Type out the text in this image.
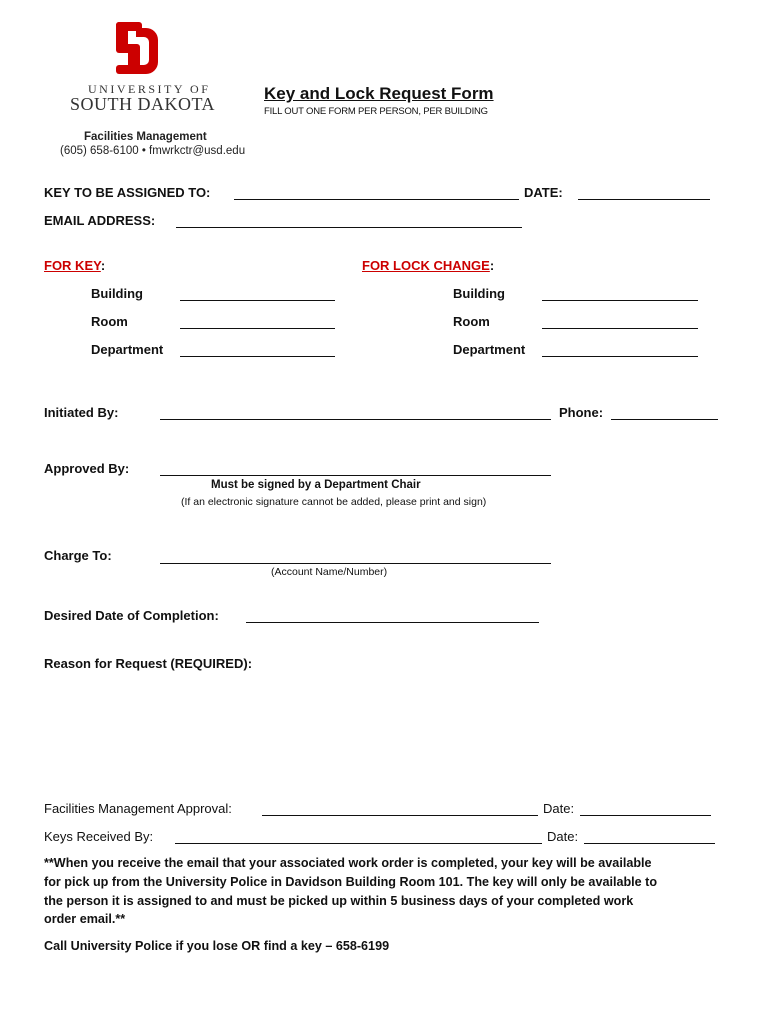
UNIVERSITY OF
SOUTH DAKOTA
Facilities Management
(605) 658-6100 • fmwrkctr@usd.edu
Key and Lock Request Form
FILL OUT ONE FORM PER PERSON, PER BUILDING
KEY TO BE ASSIGNED TO:	DATE:
EMAIL ADDRESS:
FOR KEY:
Building
Room
Department
FOR LOCK CHANGE:
Building
Room
Department
Initiated By:	Phone:
Approved By:
Must be signed by a Department Chair
(If an electronic signature cannot be added, please print and sign)
Charge To:
(Account Name/Number)
Desired Date of Completion:
Reason for Request (REQUIRED):
Facilities Management Approval:	Date:
Keys Received By:	Date:
**When you receive the email that your associated work order is completed, your key will be available
for pick up from the University Police in Davidson Building Room 101. The key will only be available to
the person it is assigned to and must be picked up within 5 business days of your completed work
order email.**
Call University Police if you lose OR find a key – 658-6199
